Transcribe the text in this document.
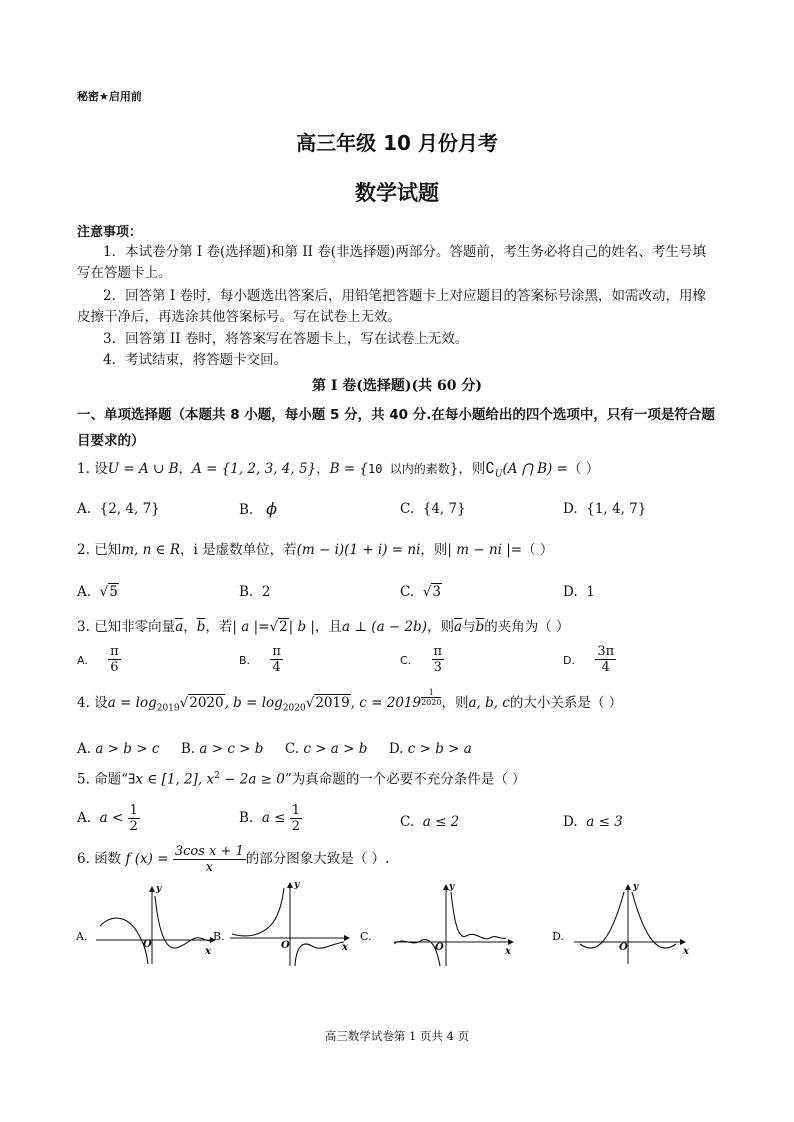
秘密★启用前
高三年级 10 月份月考
数学试题
注意事项：
1．本试卷分第 I 卷(选择题)和第 II 卷(非选择题)两部分。答题前，考生务必将自己的姓名、考生号填写在答题卡上。
2．回答第 I 卷时，每小题选出答案后，用铅笔把答题卡上对应题目的答案标号涂黑，如需改动，用橡皮擦干净后，再选涂其他答案标号。写在试卷上无效。
3．回答第 II 卷时，将答案写在答题卡上，写在试卷上无效。
4．考试结束，将答题卡交回。
第 I 卷(选择题)(共 60 分)
一、单项选择题（本题共 8 小题，每小题 5 分，共 40 分.在每小题给出的四个选项中，只有一项是符合题目要求的）
1. 设U = A ∪ B，A = {1, 2, 3, 4, 5}，B = {10 以内的素数}，则$∁_U(A$ ⋂ B) =（ ）
A. {2, 4, 7}	B. ϕ	C. {4, 7}	D. {1, 4, 7}
2. 已知m, n ∈ R，i 是虚数单位，若(m − i)(1 + i) = ni，则| m − ni |=（ ）
A.  √5	B. 2	C.  √3	D. 1
3. 已知非零向量$\overline{a}$，$\overline{b}$，若| a |=√2| b |，且a ⊥ (a − 2b)，则$\overline{a}$与$\overline{b}$的夹角为（ ）
A. $\frac{\pi}{6}$	B. $\frac{\pi}{4}$	C. $\frac{\pi}{3}$	D. $\frac{3\pi}{4}$
4. 设$a = \log_{2019}√2020$, $b = \log_{2020}√2019$, $c = 2019 \frac{1}{2020}$ ，则a, b, c的大小关系是（ ）
A. a > b > c B. a > c > b C. c > a > b D. c > b > a
5. 命题“∃x ∈ [1, 2], $x^2 - 2a \ge 0$”为真命题的一个必要不充分条件是（ ）
A. $a < \frac{1}{2}$	B. $a \le \frac{1}{2}$	C. a ≤ 2	D. a ≤ 3
6. 函数 f $(x) = \frac{\text{3cos x + 1}}{x}$ 的部分图象大致是（ ）.
A.
O
x
y
B.
O	x
y
C.
O	x
y
D.
O	x
y
高三数学试卷第 1 页共 4 页
